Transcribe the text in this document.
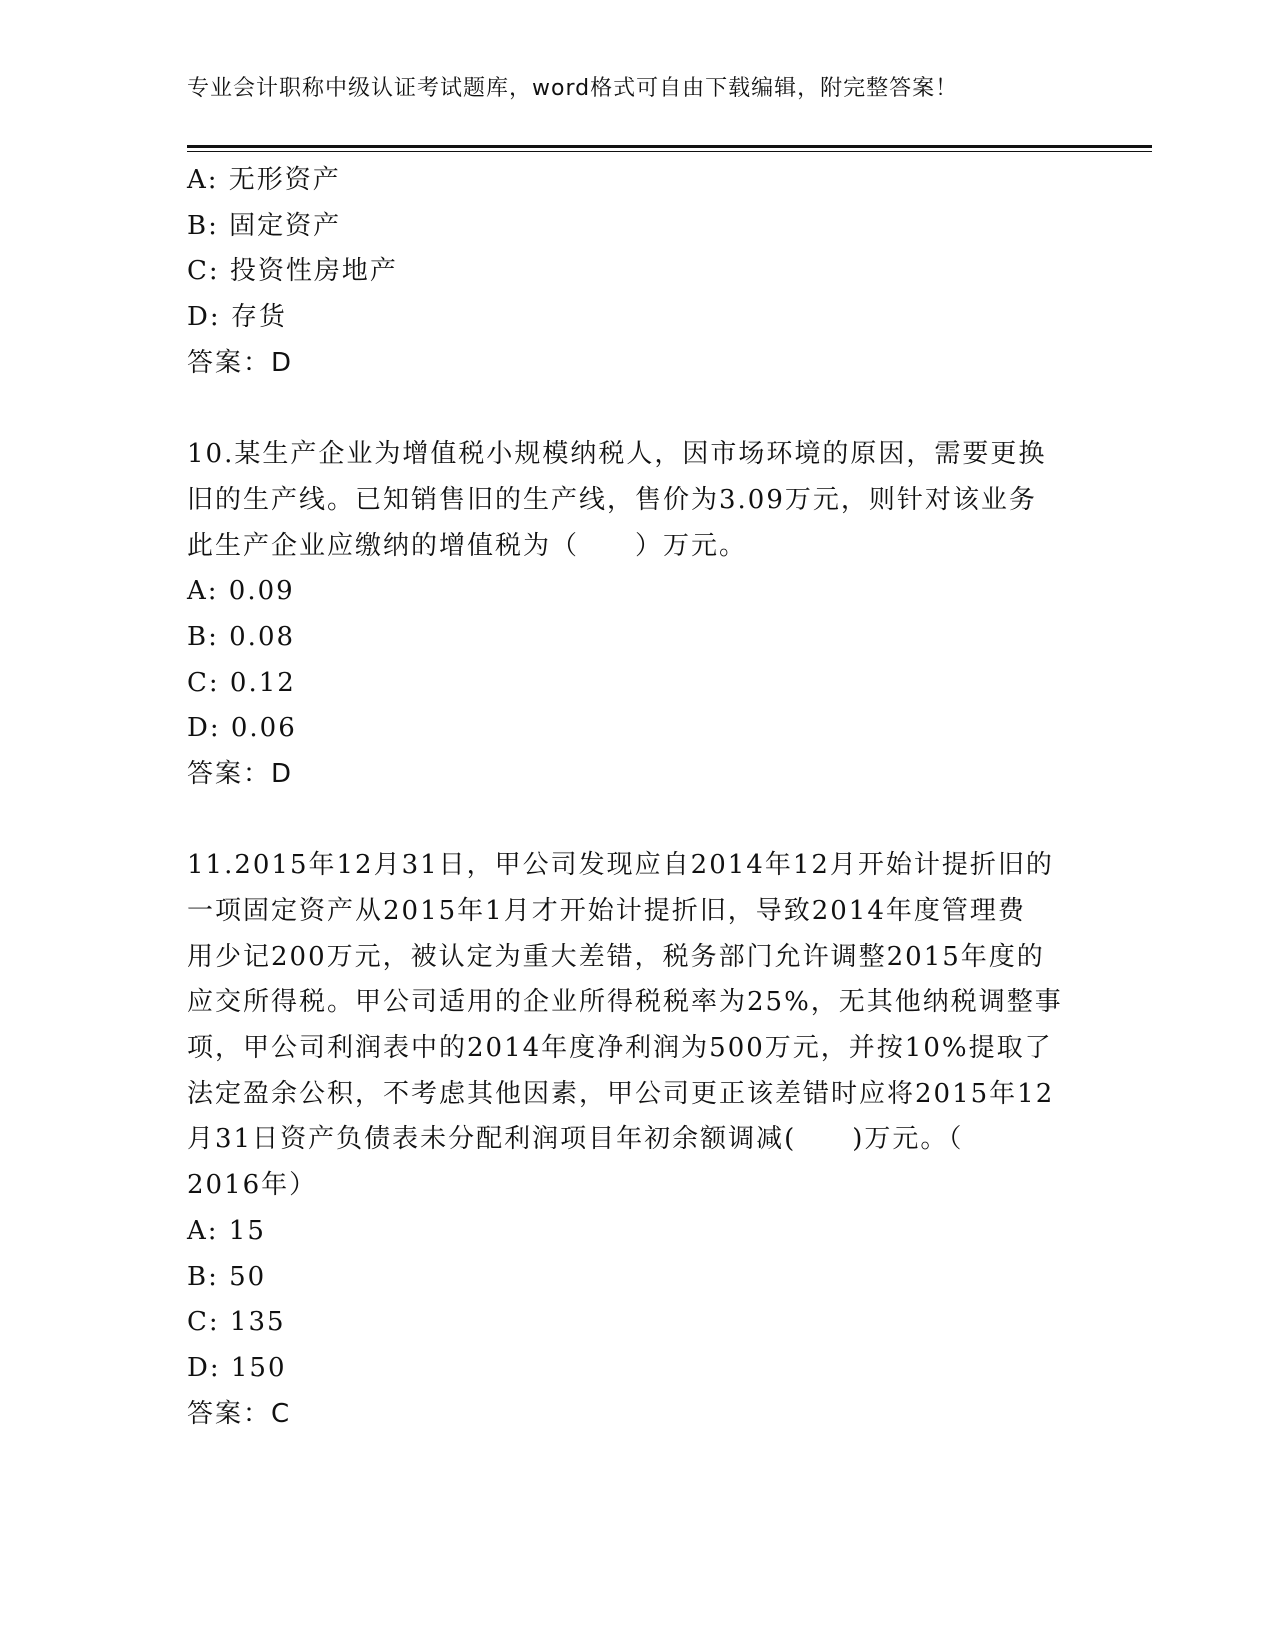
专业会计职称中级认证考试题库，word格式可自由下载编辑，附完整答案！
A: 无形资产
B: 固定资产
C: 投资性房地产
D: 存货
答案：D
10.某生产企业为增值税小规模纳税人，因市场环境的原因，需要更换
旧的生产线。已知销售旧的生产线，售价为3.09万元，则针对该业务
此生产企业应缴纳的增值税为（　　）万元。
A: 0.09
B: 0.08
C: 0.12
D: 0.06
答案：D
11.2015年12月31日，甲公司发现应自2014年12月开始计提折旧的
一项固定资产从2015年1月才开始计提折旧，导致2014年度管理费
用少记200万元，被认定为重大差错，税务部门允许调整2015年度的
应交所得税。甲公司适用的企业所得税税率为25%，无其他纳税调整事
项，甲公司利润表中的2014年度净利润为500万元，并按10%提取了
法定盈余公积，不考虑其他因素，甲公司更正该差错时应将2015年12
月31日资产负债表未分配利润项目年初余额调减(　　)万元。（
2016年）
A: 15
B: 50
C: 135
D: 150
答案：C
